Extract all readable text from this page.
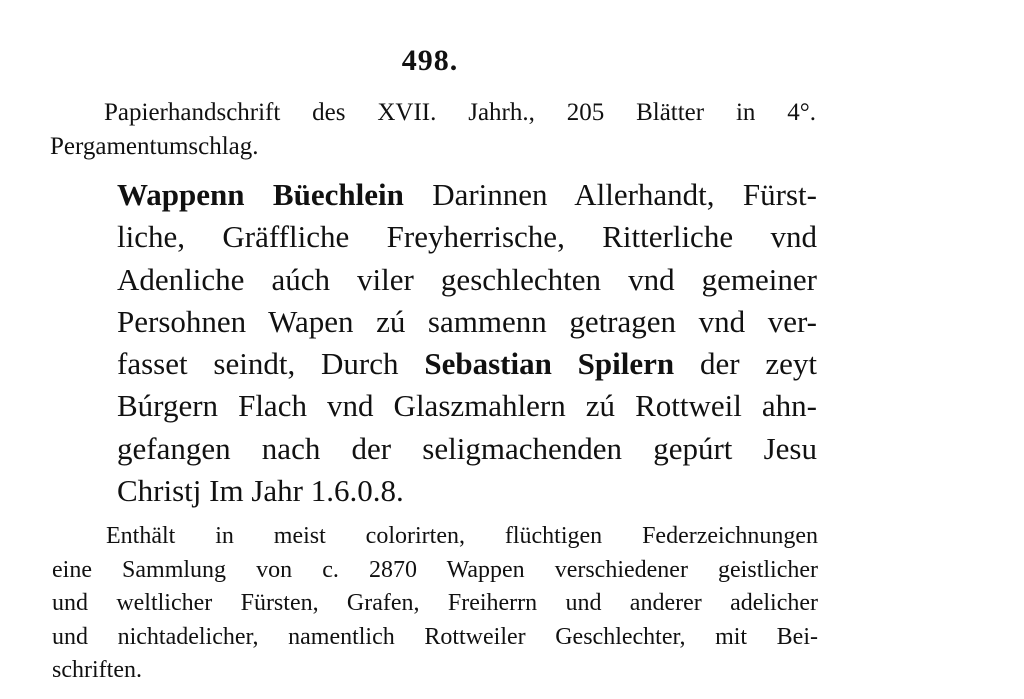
498.
Papierhandschrift des XVII. Jahrh., 205 Blätter in 4°.
Pergamentumschlag.
Wappenn Büechlein Darinnen Allerhandt, Fürst-
liche, Gräffliche Freyherrische, Ritterliche vnd
Adenliche aúch viler geschlechten vnd gemeiner
Persohnen Wapen zú sammenn getragen vnd ver-
fasset seindt, Durch Sebastian Spilern der zeyt
Búrgern Flach vnd Glaszmahlern zú Rottweil ahn-
gefangen nach der seligmachenden gepúrt Jesu
Christj Im Jahr 1.6.0.8.
Enthält in meist colorirten, flüchtigen Federzeichnungen
eine Sammlung von c. 2870 Wappen verschiedener geistlicher
und weltlicher Fürsten, Grafen, Freiherrn und anderer adelicher
und nichtadelicher, namentlich Rottweiler Geschlechter, mit Bei-
schriften.
